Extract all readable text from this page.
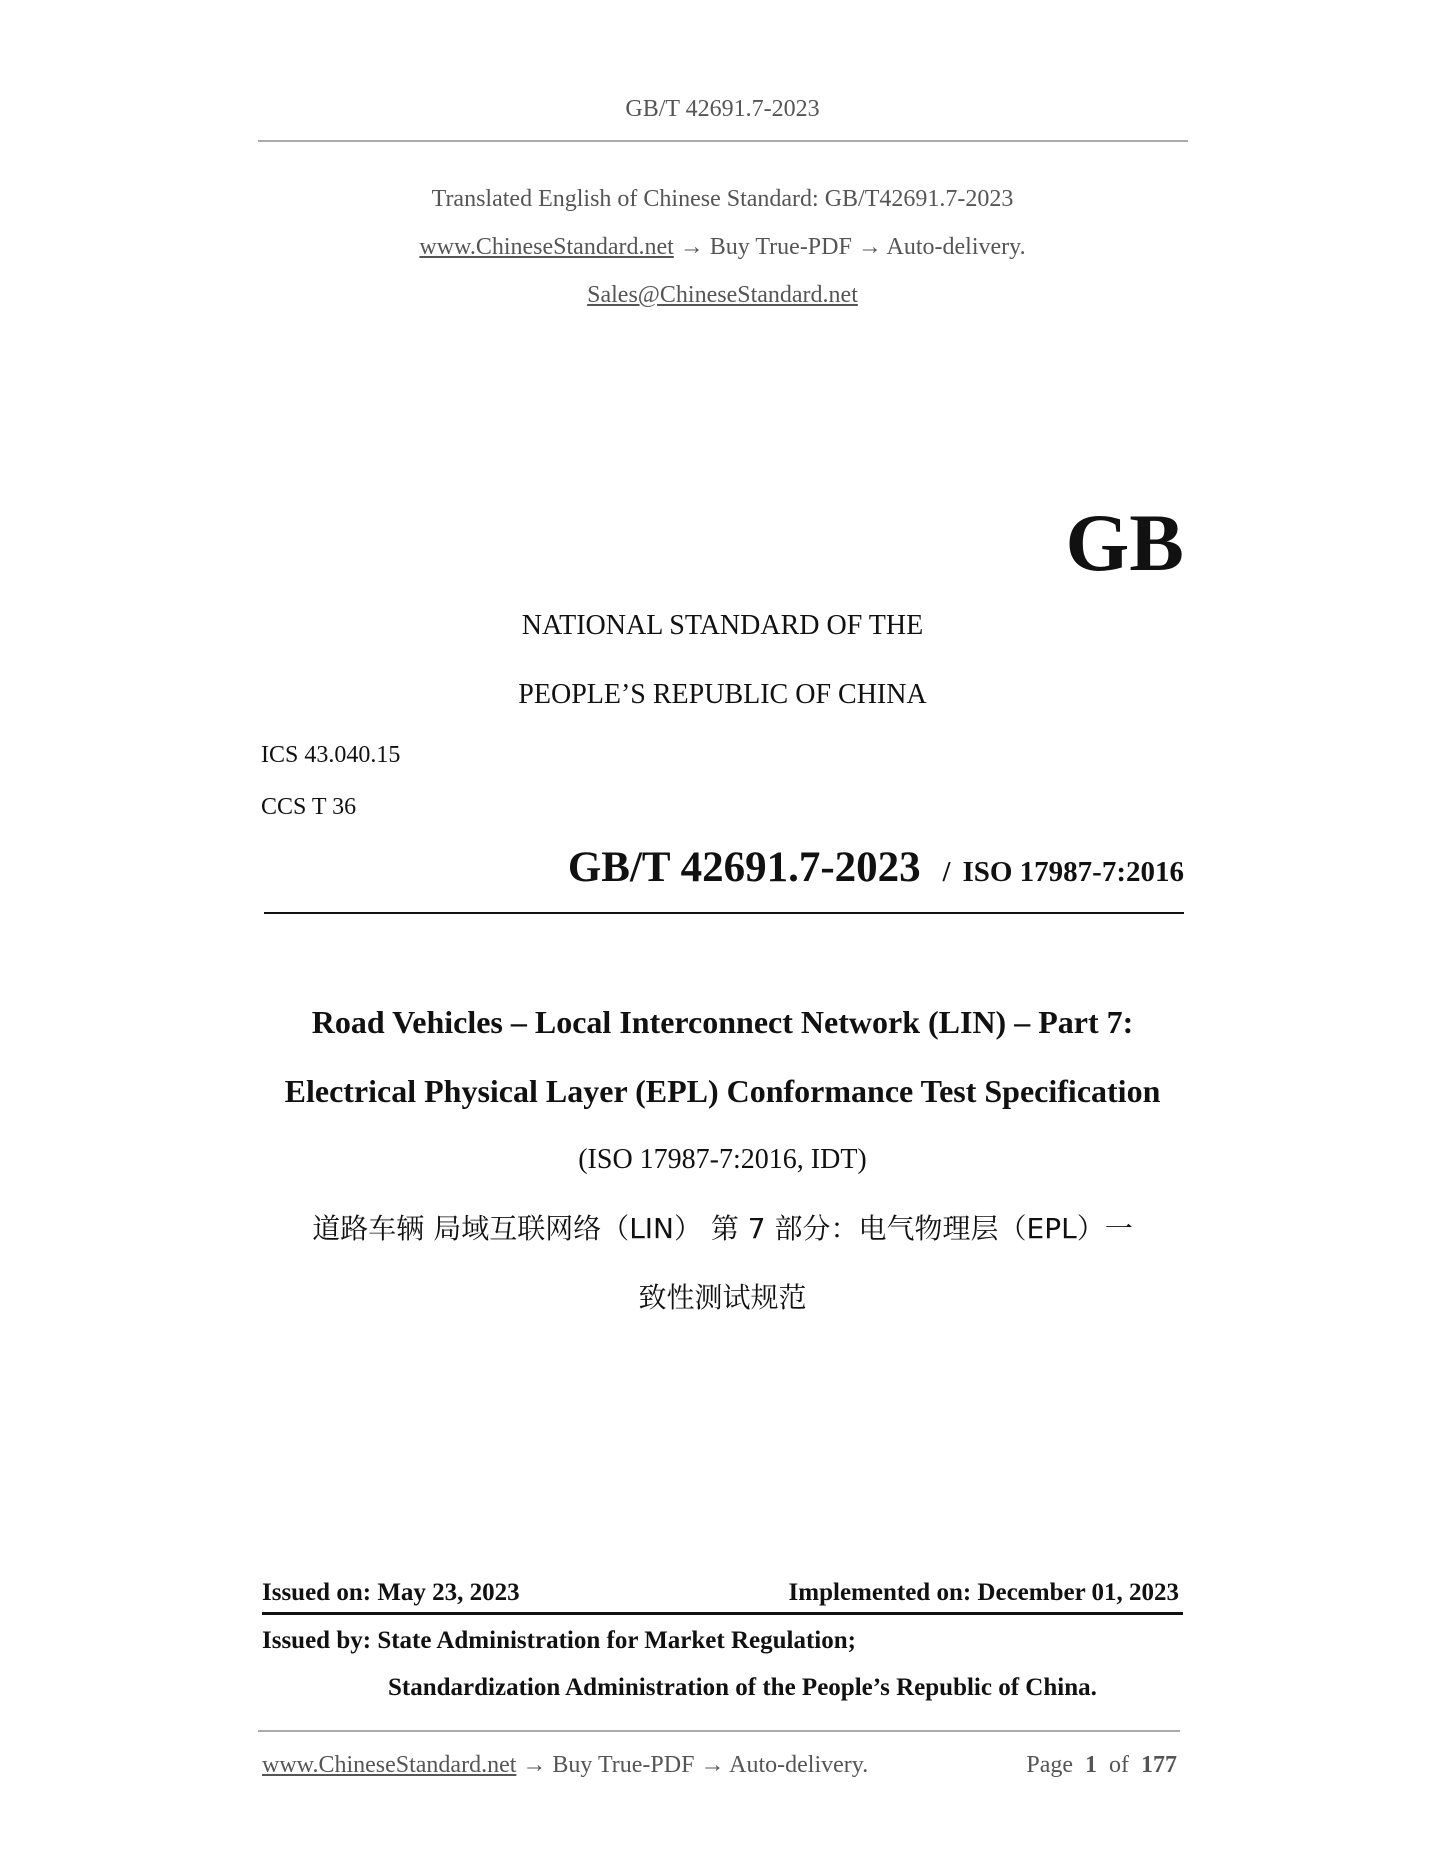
GB/T 42691.7-2023
Translated English of Chinese Standard: GB/T42691.7-2023
www.ChineseStandard.net → Buy True-PDF → Auto-delivery.
Sales@ChineseStandard.net
GB
NATIONAL STANDARD OF THE
PEOPLE’S REPUBLIC OF CHINA
ICS 43.040.15
CCS T 36
GB/T 42691.7-2023 / ISO 17987-7:2016
Road Vehicles – Local Interconnect Network (LIN) – Part 7:
Electrical Physical Layer (EPL) Conformance Test Specification
(ISO 17987-7:2016, IDT)
道路车辆 局域互联网络（LIN） 第 7 部分：电气物理层（EPL）一
致性测试规范
Issued on: May 23, 2023	Implemented on: December 01, 2023
Issued by: State Administration for Market Regulation;
Standardization Administration of the People’s Republic of China.
www.ChineseStandard.net → Buy True-PDF → Auto-delivery.	Page 1 of 177
